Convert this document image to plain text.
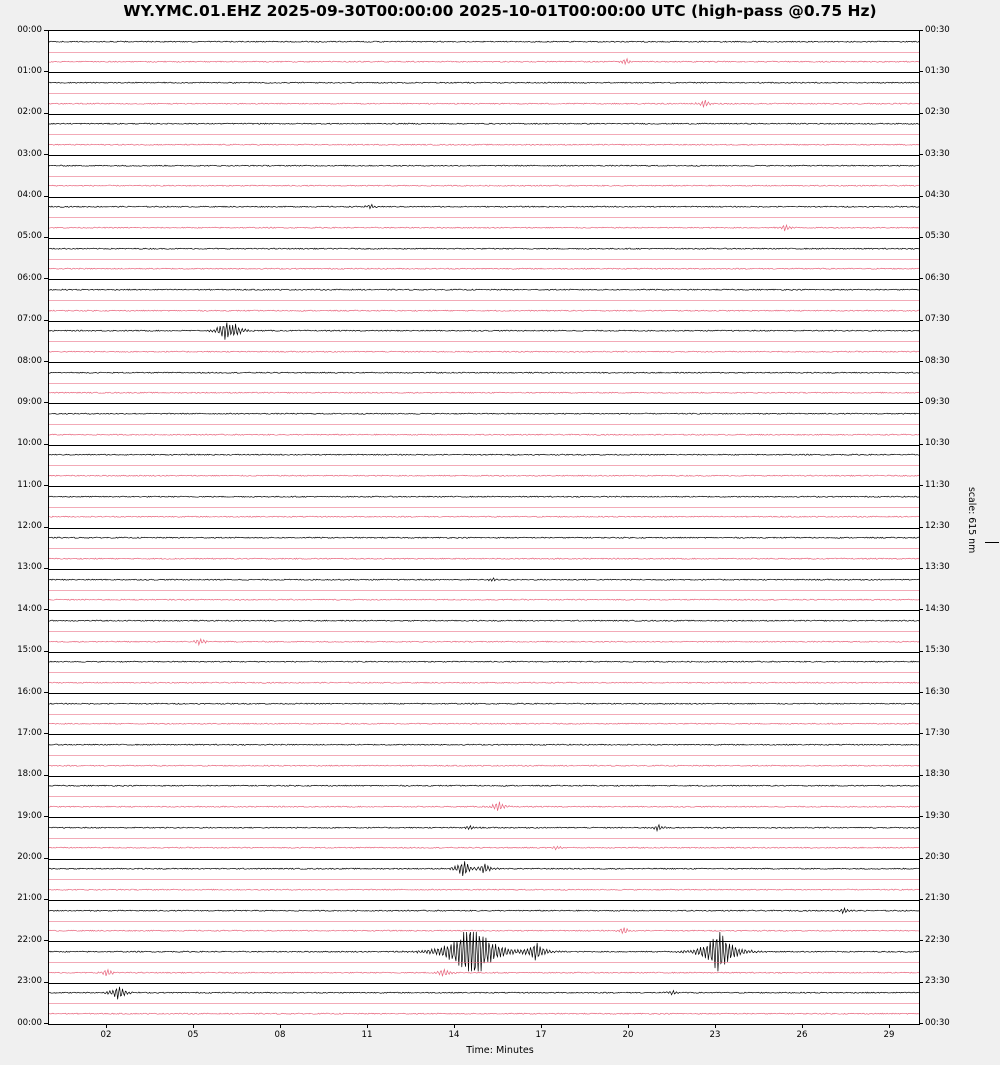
WY.YMC.01.EHZ 2025-09-30T00:00:00 2025-10-01T00:00:00 UTC (high-pass @0.75 Hz)
00:00	00:30
01:00	01:30
02:00	02:30
03:00	03:30
04:00	04:30
05:00	05:30
06:00	06:30
07:00	07:30
08:00	08:30
09:00	09:30
10:00	10:30
11:00	11:30
12:00	12:30
13:00	13:30
14:00	14:30
15:00	15:30
16:00	16:30
17:00	17:30
18:00	18:30
19:00	19:30
20:00	20:30
21:00	21:30
22:00	22:30
23:00	23:30
00:00	00:30
02	05	08	11	14	17	20	23	26	29
Time: Minutes
scale: 615 nm
